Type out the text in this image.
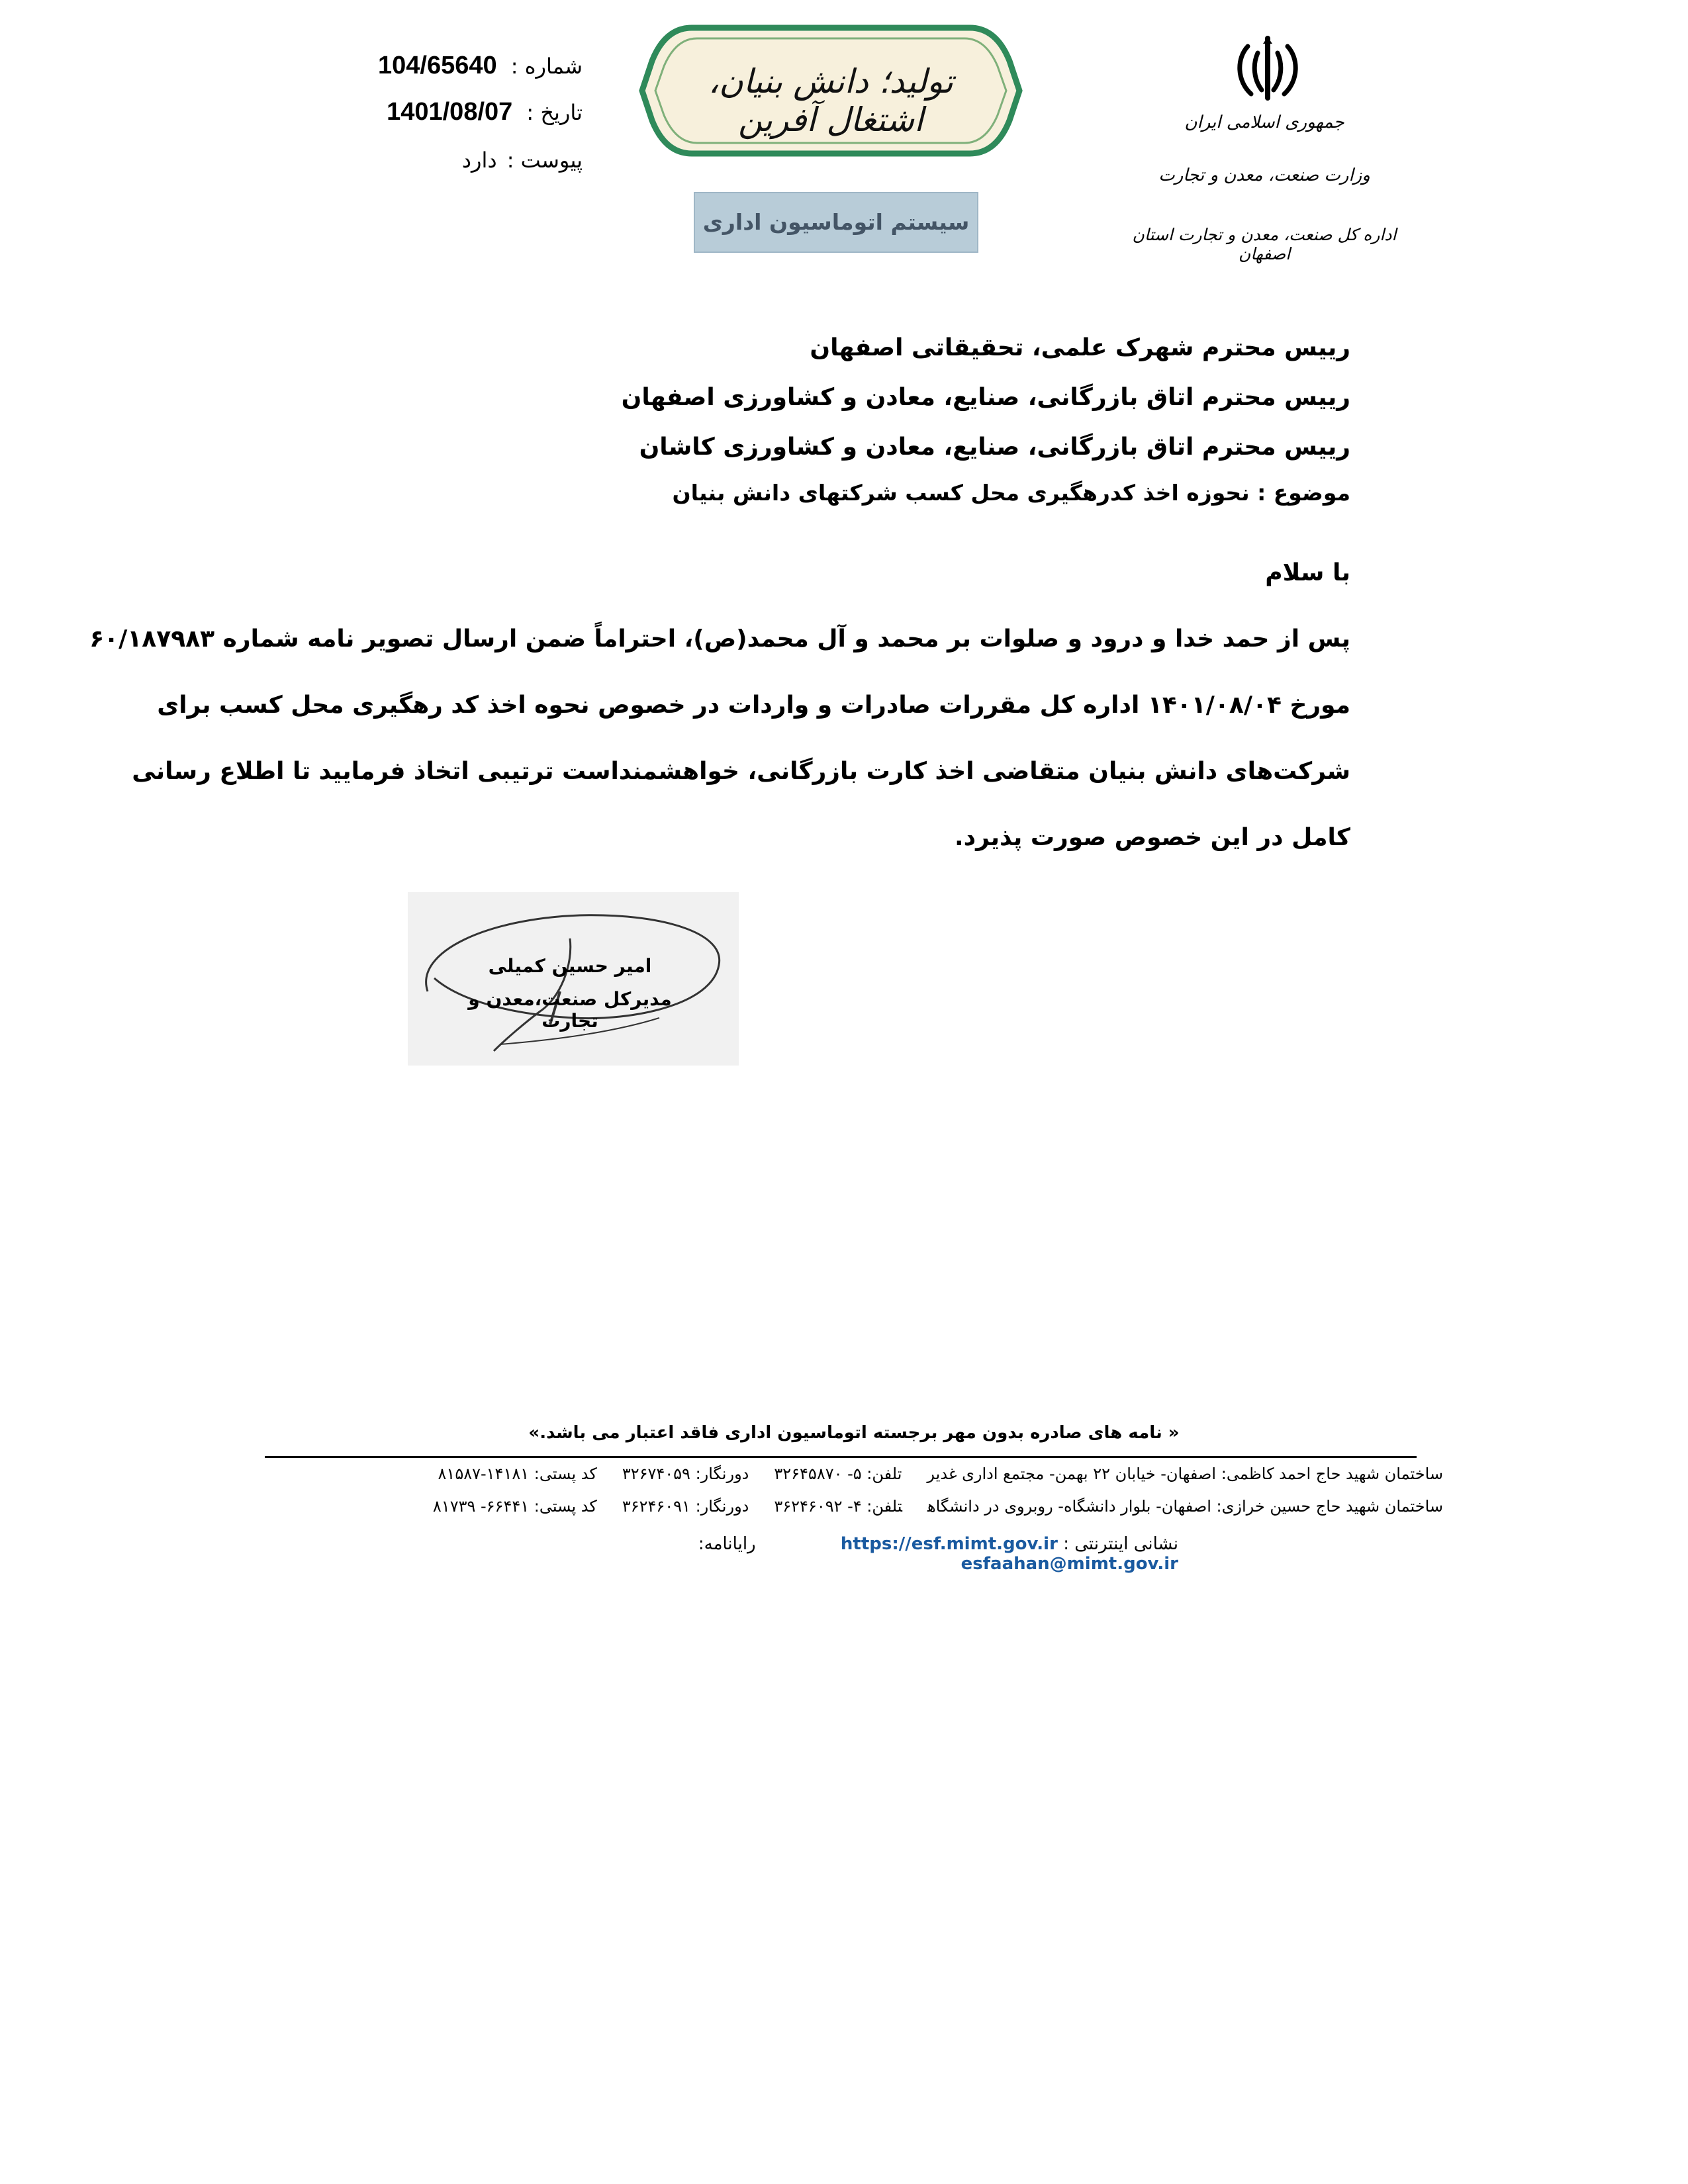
جمهوری اسلامی ایران
وزارت صنعت، معدن و تجارت
اداره کل صنعت، معدن و تجارت استان اصفهان
تولید؛ دانش بنیان، اشتغال آفرین
سیستم اتوماسیون اداری
شماره : 104/65640
تاریخ : 1401/08/07
پیوست : دارد
رییس محترم شهرک علمی، تحقیقاتی اصفهان
رییس محترم اتاق بازرگانی، صنایع، معادن و کشاورزی اصفهان
رییس محترم اتاق بازرگانی، صنایع، معادن و کشاورزی کاشان
موضوع : نحوزه اخذ کدرهگیری محل کسب شرکتهای دانش بنیان
با سلام
پس از حمد خدا و درود و صلوات بر محمد و آل محمد(ص)، احتراماً ضمن ارسال تصویر نامه شماره ۶۰/۱۸۷۹۸۳
مورخ ۱۴۰۱/۰۸/۰۴ اداره کل مقررات صادرات و واردات در خصوص نحوه اخذ کد رهگیری محل کسب برای
شرکت‌های دانش بنیان متقاضی اخذ کارت بازرگانی، خواهشمنداست ترتیبی اتخاذ فرمایید تا اطلاع رسانی
کامل در این خصوص صورت پذیرد.
امیر حسین کمیلی
مدیرکل صنعت،معدن و تجارت
« نامه های صادره بدون مهر برجسته اتوماسیون اداری فاقد اعتبار می باشد.»
ساختمان شهید حاج احمد کاظمی: اصفهان- خیابان ۲۲ بهمن- مجتمع اداری غدیرتلفن: ۵- ۳۲۶۴۵۸۷۰دورنگار: ۳۲۶۷۴۰۵۹کد پستی: ۱۴۱۸۱-۸۱۵۸۷
ساختمان شهید حاج حسین خرازی: اصفهان- بلوار دانشگاه- روبروی در دانشگاهتلفن: ۴- ۳۶۲۴۶۰۹۲دورنگار: ۳۶۲۴۶۰۹۱کد پستی: ۶۶۴۴۱- ۸۱۷۳۹
نشانی اینترنتی : https://esf.mimt.gov.ir رایانامه: esfaahan@mimt.gov.ir
